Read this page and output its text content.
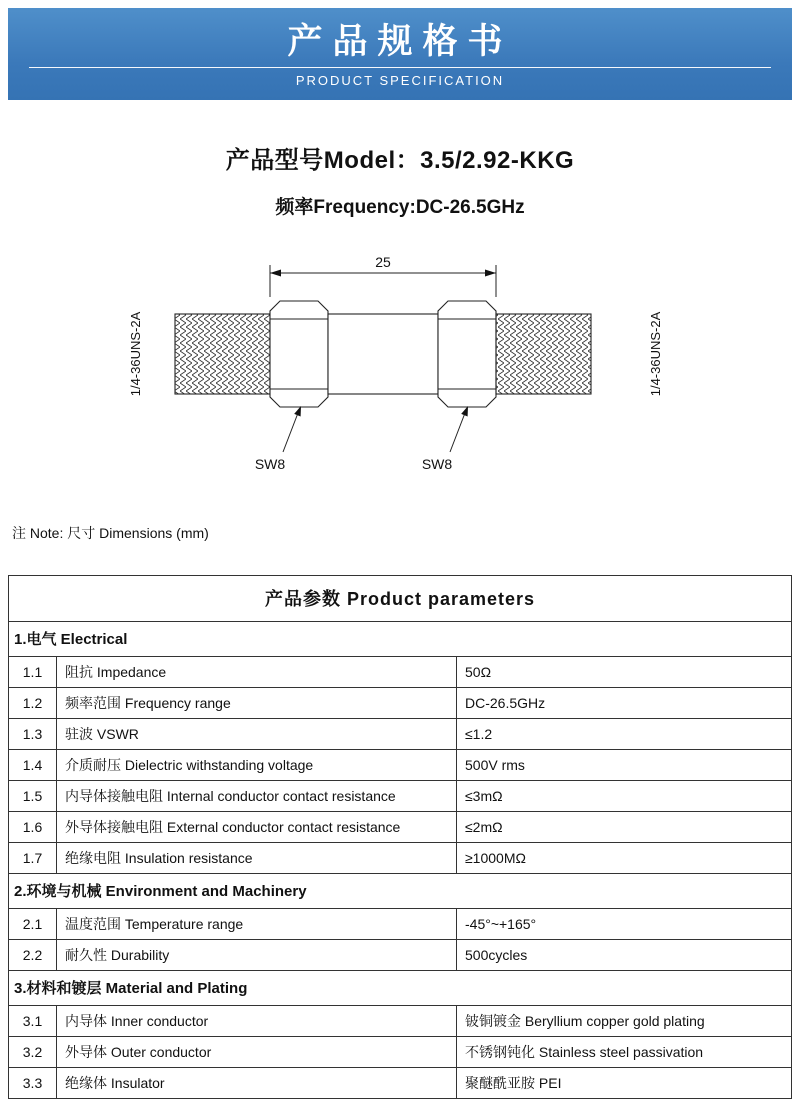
产品规格书
PRODUCT SPECIFICATION
产品型号Model：3.5/2.92-KKG
频率Frequency:DC-26.5GHz
25
1/4-36UNS-2A	1/4-36UNS-2A
SW8	SW8
注 Note: 尺寸 Dimensions (mm)
产品参数 Product parameters
1.电气 Electrical
1.1	阻抗 Impedance	50Ω
1.2	频率范围 Frequency range	DC-26.5GHz
1.3	驻波 VSWR	≤1.2
1.4	介质耐压 Dielectric withstanding voltage	500V rms
1.5	内导体接触电阻 Internal conductor contact resistance	≤3mΩ
1.6	外导体接触电阻 External conductor contact resistance	≤2mΩ
1.7	绝缘电阻 Insulation resistance	≥1000MΩ
2.环境与机械 Environment and Machinery
2.1	温度范围 Temperature range	-45°~+165°
2.2	耐久性 Durability	500cycles
3.材料和镀层 Material and Plating
3.1	内导体 Inner conductor	铍铜镀金 Beryllium copper gold plating
3.2	外导体 Outer conductor	不锈钢钝化 Stainless steel passivation
3.3	绝缘体 Insulator	聚醚酰亚胺 PEI
